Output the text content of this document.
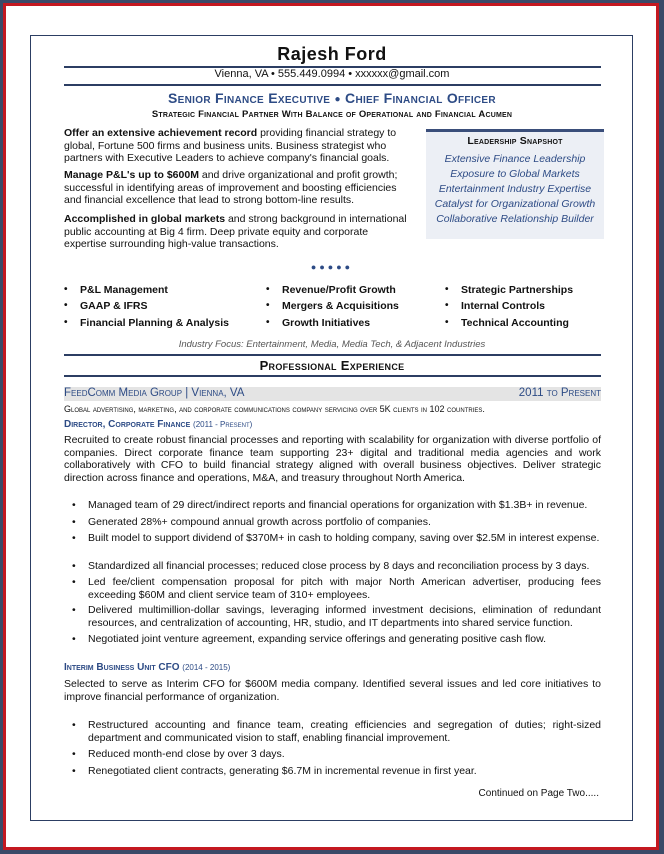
Rajesh Ford
Vienna, VA • 555.449.0994 • xxxxxx@gmail.com
Senior Finance Executive ● Chief Financial Officer
Strategic Financial Partner With Balance of Operational and Financial Acumen
Offer an extensive achievement record providing financial strategy to global, Fortune 500 firms and business units. Business strategist who partners with Executive Leaders to achieve company's financial goals.
Manage P&L's up to $600M and drive organizational and profit growth; successful in identifying areas of improvement and boosting efficiencies and financial excellence that lead to strong bottom-line results.
Accomplished in global markets and strong background in international public accounting at Big 4 firm. Deep private equity and corporate expertise surrounding high-value transactions.
Leadership Snapshot
Extensive Finance Leadership
Exposure to Global Markets
Entertainment Industry Expertise
Catalyst for Organizational Growth
Collaborative Relationship Builder
●●●●●
• P&L Management
• GAAP & IFRS
• Financial Planning & Analysis
• Revenue/Profit Growth
• Mergers & Acquisitions
• Growth Initiatives
• Strategic Partnerships
• Internal Controls
• Technical Accounting
Industry Focus: Entertainment, Media, Media Tech, & Adjacent Industries
Professional Experience
FeedComm Media Group | Vienna, VA	2011 to Present
Global advertising, marketing, and corporate communications company servicing over 5K clients in 102 countries.
Director, Corporate Finance (2011 - Present)
Recruited to create robust financial processes and reporting with scalability for organization with diverse portfolio of companies. Direct corporate finance team supporting 23+ digital and traditional media agencies and work collaboratively with CFO to build financial strategy aligned with overall business objectives. Deliver strategic direction across finance and operations, M&A, and treasury throughout North America.
• Managed team of 29 direct/indirect reports and financial operations for organization with $1.3B+ in revenue.
• Generated 28%+ compound annual growth across portfolio of companies.
• Built model to support dividend of $370M+ in cash to holding company, saving over $2.5M in interest expense.
• Standardized all financial processes; reduced close process by 8 days and reconciliation process by 3 days.
• Led fee/client compensation proposal for pitch with major North American advertiser, producing fees exceeding $60M and client service team of 310+ employees.
• Delivered multimillion-dollar savings, leveraging informed investment decisions, elimination of redundant resources, and centralization of accounting, HR, studio, and IT departments into shared service function.
• Negotiated joint venture agreement, expanding service offerings and generating positive cash flow.
Interim Business Unit CFO (2014 - 2015)
Selected to serve as Interim CFO for $600M media company. Identified several issues and led core initiatives to improve financial performance of organization.
• Restructured accounting and finance team, creating efficiencies and segregation of duties; right-sized department and communicated vision to staff, enabling financial improvement.
• Reduced month-end close by over 3 days.
• Renegotiated client contracts, generating $6.7M in incremental revenue in first year.
Continued on Page Two.....
